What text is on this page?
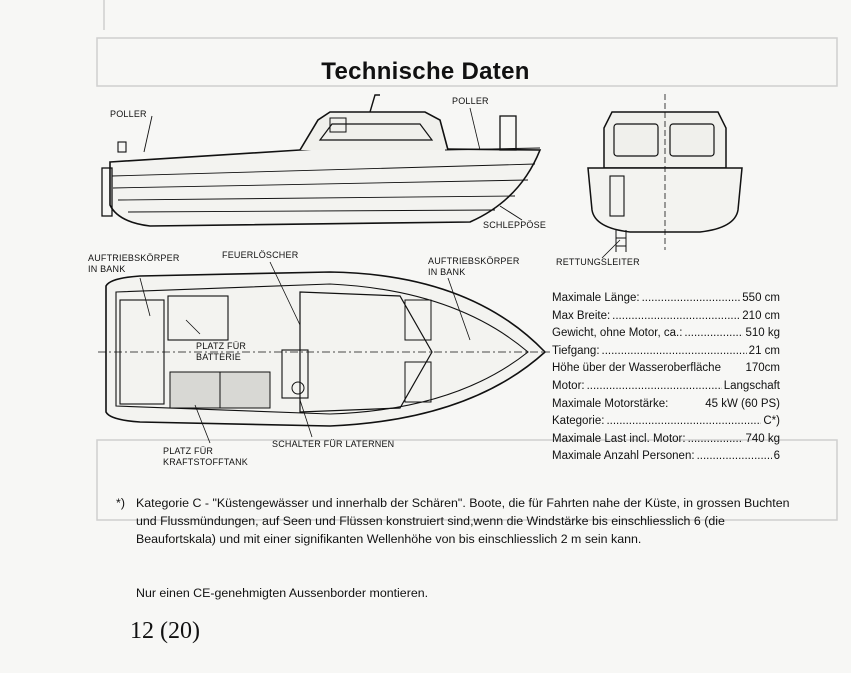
Technische Daten
POLLER
POLLER
SCHLEPPÖSE
RETTUNGSLEITER
AUFTRIEBSKÖRPER
IN BANK
FEUERLÖSCHER
AUFTRIEBSKÖRPER
IN BANK
PLATZ FÜR
BATTERIE
PLATZ FÜR
KRAFTSTOFFTANK
SCHALTER FÜR LATERNEN
Maximale Länge: .....	550 cm
Max Breite: .....	210 cm
Gewicht, ohne Motor, ca.: .....	510 kg
Tiefgang: .....	21 cm
Höhe über der Wasseroberfläche 170cm
Motor: .....	Langschaft
Maximale Motorstärke:	45 kW (60 PS)
Kategorie: .....	C*)
Maximale Last incl. Motor: .....	740 kg
Maximale Anzahl Personen: .....	6
*) Kategorie C - "Küstengewässer und innerhalb der Schären". Boote, die für Fahrten nahe der Küste, in grossen Buchten und Flussmündungen, auf Seen und Flüssen konstruiert sind,wenn die Windstärke bis einschliesslich 6 (die Beaufortskala) und mit einer signifikanten Wellenhöhe von bis einschliesslich 2 m sein kann.
Nur einen CE-genehmigten Aussenborder montieren.
12 (20)
